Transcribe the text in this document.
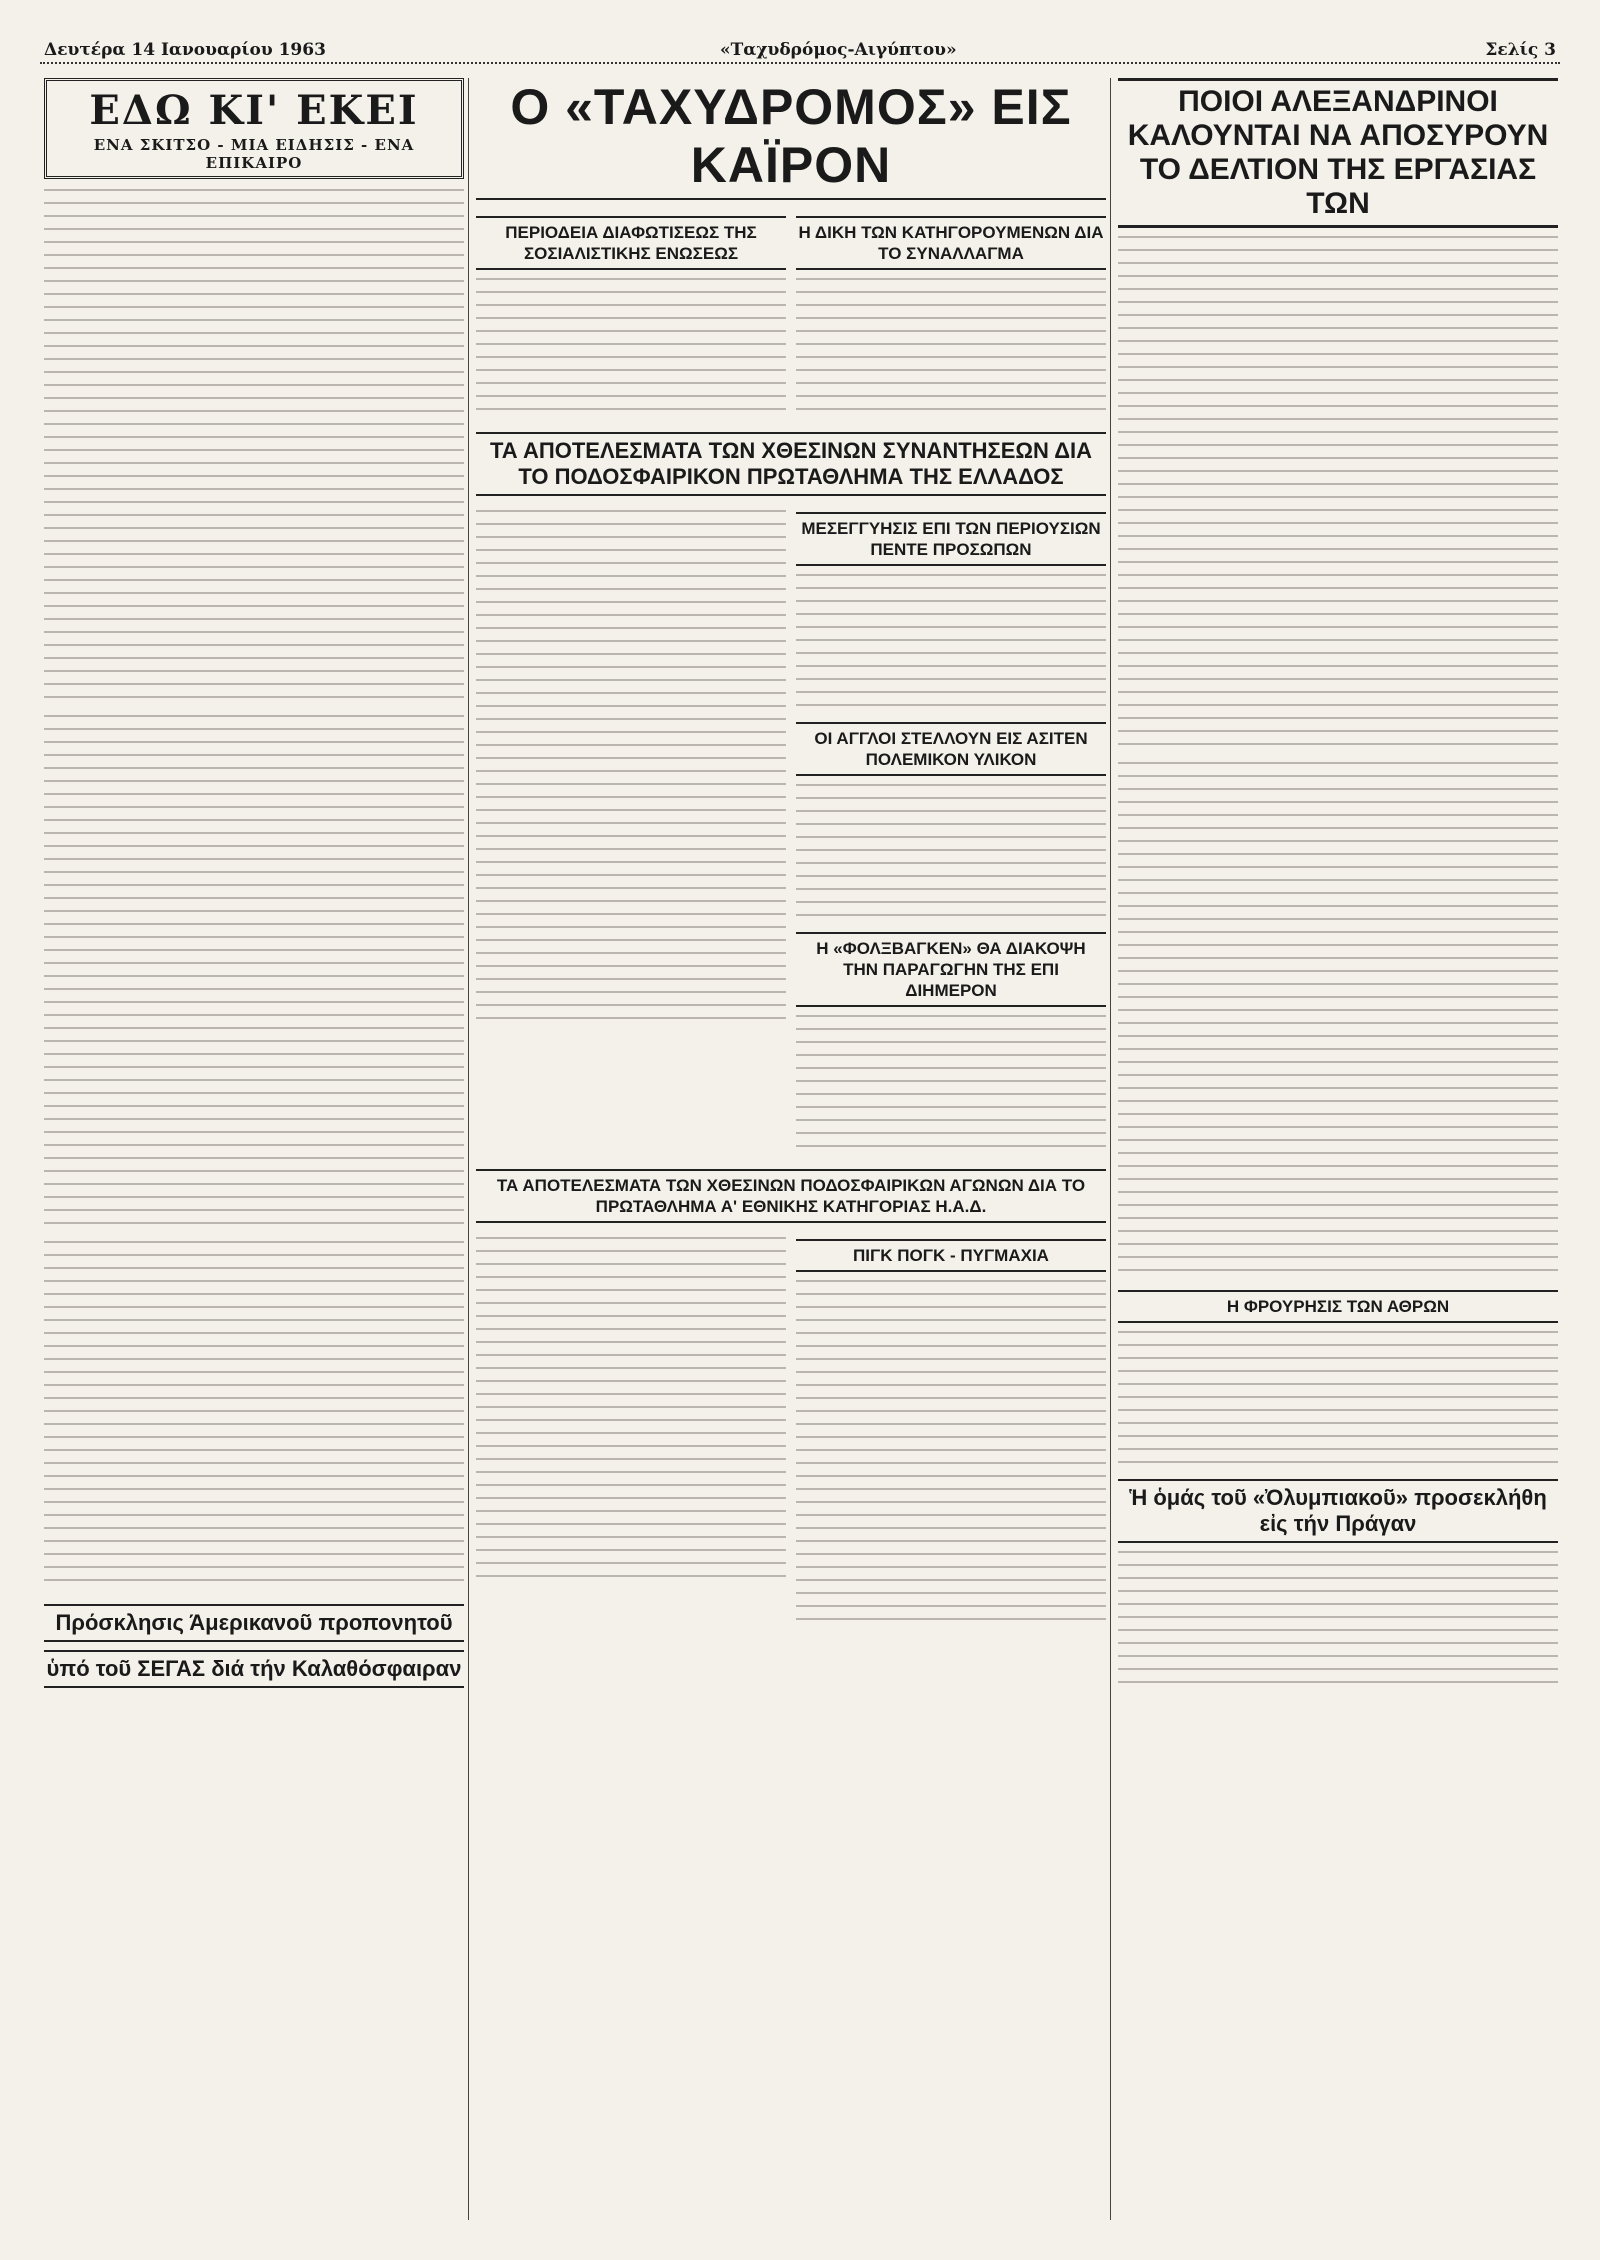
Δευτέρα 14 Ιανουαρίου 1963	«Ταχυδρόμος-Αιγύπτου»	Σελίς 3
ΕΔΩ ΚΙ' ΕΚΕΙ
ΕΝΑ ΣΚΙΤΣΟ - ΜΙΑ ΕΙΔΗΣΙΣ - ΕΝΑ ΕΠΙΚΑΙΡΟ
Ο «ΤΑΧΥΔΡΟΜΟΣ» ΕΙΣ ΚΑΪΡΟΝ
ΠΕΡΙΟΔΕΙΑ ΔΙΑΦΩΤΙΣΕΩΣ ΤΗΣ ΣΟΣΙΑΛΙΣΤΙΚΗΣ ΕΝΩΣΕΩΣ
Η ΔΙΚΗ ΤΩΝ ΚΑΤΗΓΟΡΟΥΜΕΝΩΝ ΔΙΑ ΤΟ ΣΥΝΑΛΛΑΓΜΑ
ΤΑ ΑΠΟΤΕΛΕΣΜΑΤΑ ΤΩΝ ΧΘΕΣΙΝΩΝ ΣΥΝΑΝΤΗΣΕΩΝ ΔΙΑ ΤΟ ΠΟΔΟΣΦΑΙΡΙΚΟΝ ΠΡΩΤΑΘΛΗΜΑ ΤΗΣ ΕΛΛΑΔΟΣ
ΜΕΣΕΓΓΥΗΣΙΣ ΕΠΙ ΤΩΝ ΠΕΡΙΟΥΣΙΩΝ ΠΕΝΤΕ ΠΡΟΣΩΠΩΝ
ΟΙ ΑΓΓΛΟΙ ΣΤΕΛΛΟΥΝ ΕΙΣ ΑΣΙΤΕΝ ΠΟΛΕΜΙΚΟΝ ΥΛΙΚΟΝ
Η «ΦΟΛΞΒΑΓΚΕΝ» ΘΑ ΔΙΑΚΟΨΗ ΤΗΝ ΠΑΡΑΓΩΓΗΝ ΤΗΣ ΕΠΙ ΔΙΗΜΕΡΟΝ
ΤΑ ΑΠΟΤΕΛΕΣΜΑΤΑ ΤΩΝ ΧΘΕΣΙΝΩΝ ΠΟΔΟΣΦΑΙΡΙΚΩΝ ΑΓΩΝΩΝ ΔΙΑ ΤΟ ΠΡΩΤΑΘΛΗΜΑ Α' ΕΘΝΙΚΗΣ ΚΑΤΗΓΟΡΙΑΣ Η.Α.Δ.
ΠΙΓΚ ΠΟΓΚ - ΠΥΓΜΑΧΙΑ
ΠΟΙΟΙ ΑΛΕΞΑΝΔΡΙΝΟΙ ΚΑΛΟΥΝΤΑΙ ΝΑ ΑΠΟΣΥΡΟΥΝ ΤΟ ΔΕΛΤΙΟΝ ΤΗΣ ΕΡΓΑΣΙΑΣ ΤΩΝ
Η ΦΡΟΥΡΗΣΙΣ ΤΩΝ ΑΘΡΩΝ
Ἡ ὁμάς τοῦ «Ὀλυμπιακοῦ» προσεκλήθη εἰς τήν Πράγαν
Πρόσκλησις Άμερικανοῦ προπονητοῦ
ὑπό τοῦ ΣΕΓΑΣ διά τήν Καλαθόσφαιραν
